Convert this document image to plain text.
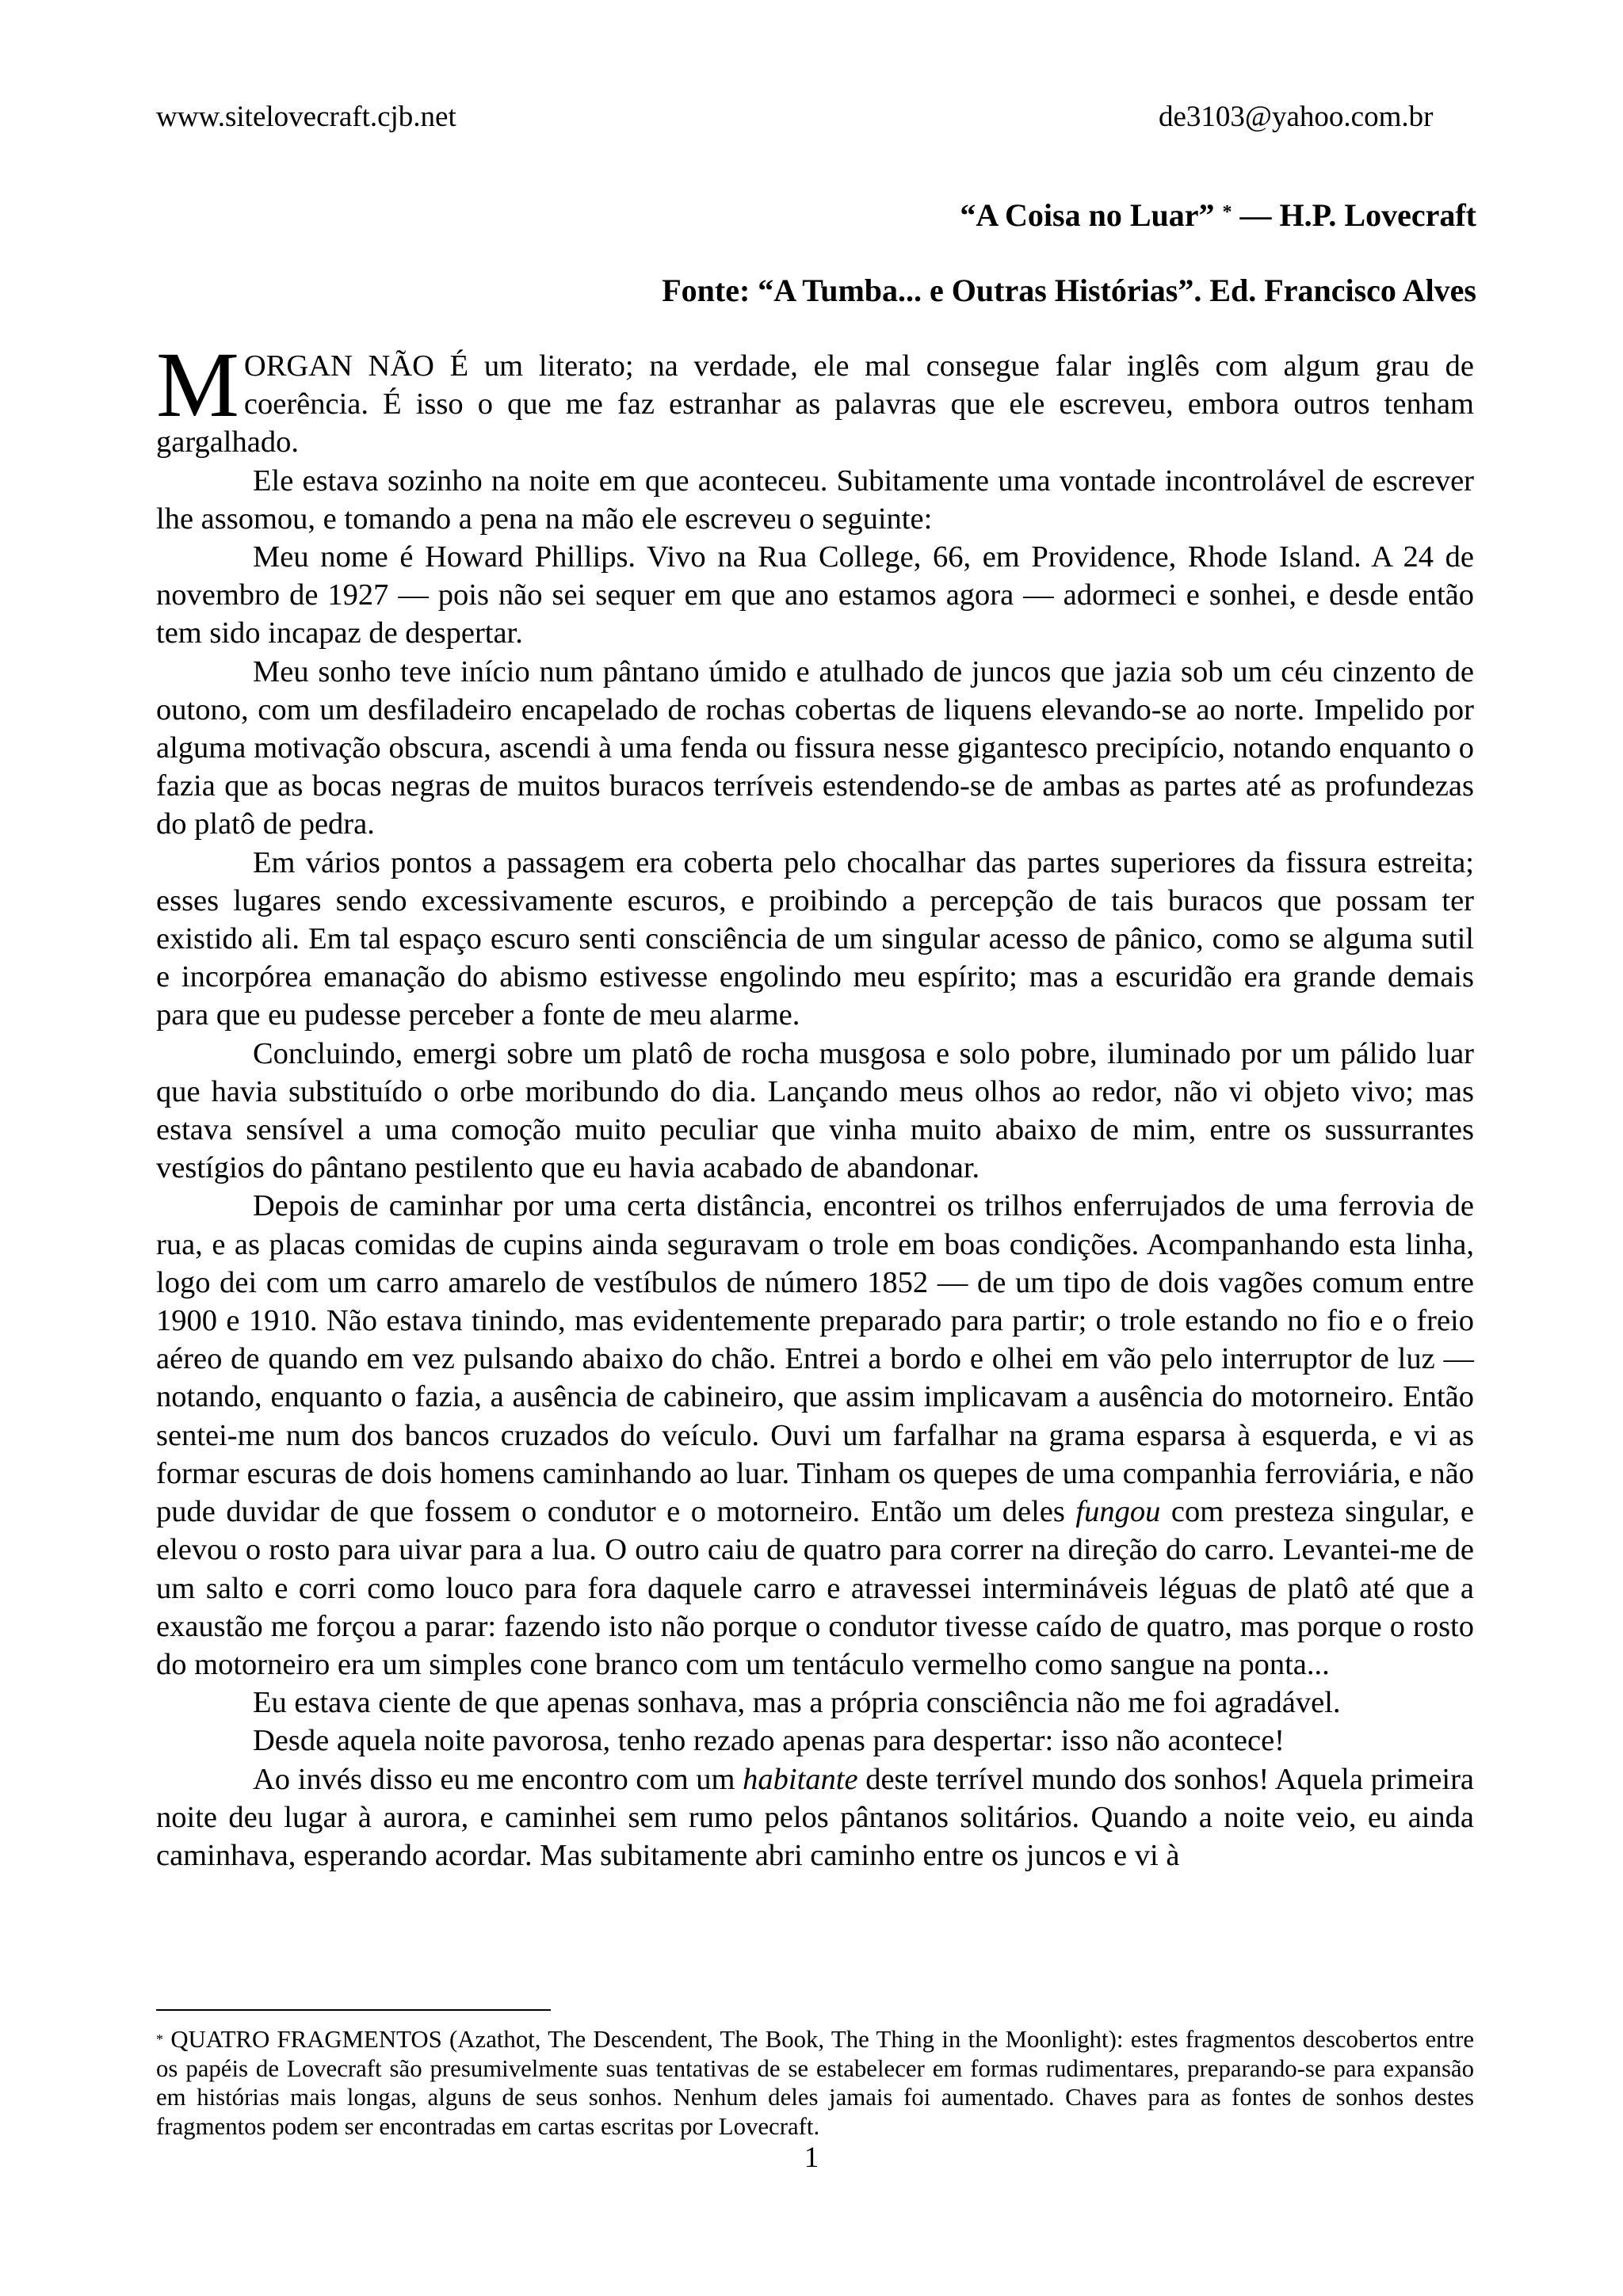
www.sitelovecraft.cjb.net	de3103@yahoo.com.br
“A Coisa no Luar” * — H.P. Lovecraft
Fonte: “A Tumba... e Outras Histórias”. Ed. Francisco Alves

MORGAN NÃO É um literato; na verdade, ele mal consegue falar inglês com algum grau de coerência. É isso o que me faz estranhar as palavras que ele escreveu, embora outros tenham gargalhado.

Ele estava sozinho na noite em que aconteceu. Subitamente uma vontade incontrolável de escrever lhe assomou, e tomando a pena na mão ele escreveu o seguinte:

Meu nome é Howard Phillips. Vivo na Rua College, 66, em Providence, Rhode Island. A 24 de novembro de 1927 — pois não sei sequer em que ano estamos agora — adormeci e sonhei, e desde então tem sido incapaz de despertar.

Meu sonho teve início num pântano úmido e atulhado de juncos que jazia sob um céu cinzento de outono, com um desfiladeiro encapelado de rochas cobertas de liquens elevando-se ao norte. Impelido por alguma motivação obscura, ascendi à uma fenda ou fissura nesse gigantesco precipício, notando enquanto o fazia que as bocas negras de muitos buracos terríveis estendendo-se de ambas as partes até as profundezas do platô de pedra.

Em vários pontos a passagem era coberta pelo chocalhar das partes superiores da fissura estreita; esses lugares sendo excessivamente escuros, e proibindo a percepção de tais buracos que possam ter existido ali. Em tal espaço escuro senti consciência de um singular acesso de pânico, como se alguma sutil e incorpórea emanação do abismo estivesse engolindo meu espírito; mas a escuridão era grande demais para que eu pudesse perceber a fonte de meu alarme.

Concluindo, emergi sobre um platô de rocha musgosa e solo pobre, iluminado por um pálido luar que havia substituído o orbe moribundo do dia. Lançando meus olhos ao redor, não vi objeto vivo; mas estava sensível a uma comoção muito peculiar que vinha muito abaixo de mim, entre os sussurrantes vestígios do pântano pestilento que eu havia acabado de abandonar.

Depois de caminhar por uma certa distância, encontrei os trilhos enferrujados de uma ferrovia de rua, e as placas comidas de cupins ainda seguravam o trole em boas condições. Acompanhando esta linha, logo dei com um carro amarelo de vestíbulos de número 1852 — de um tipo de dois vagões comum entre 1900 e 1910. Não estava tinindo, mas evidentemente preparado para partir; o trole estando no fio e o freio aéreo de quando em vez pulsando abaixo do chão. Entrei a bordo e olhei em vão pelo interruptor de luz — notando, enquanto o fazia, a ausência de cabineiro, que assim implicavam a ausência do motorneiro. Então sentei-me num dos bancos cruzados do veículo. Ouvi um farfalhar na grama esparsa à esquerda, e vi as formar escuras de dois homens caminhando ao luar. Tinham os quepes de uma companhia ferroviária, e não pude duvidar de que fossem o condutor e o motorneiro. Então um deles fungou com presteza singular, e elevou o rosto para uivar para a lua. O outro caiu de quatro para correr na direção do carro. Levantei-me de um salto e corri como louco para fora daquele carro e atravessei intermináveis léguas de platô até que a exaustão me forçou a parar: fazendo isto não porque o condutor tivesse caído de quatro, mas porque o rosto do motorneiro era um simples cone branco com um tentáculo vermelho como sangue na ponta...

Eu estava ciente de que apenas sonhava, mas a própria consciência não me foi agradável.

Desde aquela noite pavorosa, tenho rezado apenas para despertar: isso não acontece!

Ao invés disso eu me encontro com um habitante deste terrível mundo dos sonhos! Aquela primeira noite deu lugar à aurora, e caminhei sem rumo pelos pântanos solitários. Quando a noite veio, eu ainda caminhava, esperando acordar. Mas subitamente abri caminho entre os juncos e vi à

* QUATRO FRAGMENTOS (Azathot, The Descendent, The Book, The Thing in the Moonlight): estes fragmentos descobertos entre os papéis de Lovecraft são presumivelmente suas tentativas de se estabelecer em formas rudimentares, preparando-se para expansão em histórias mais longas, alguns de seus sonhos. Nenhum deles jamais foi aumentado. Chaves para as fontes de sonhos destes fragmentos podem ser encontradas em cartas escritas por Lovecraft.
1
